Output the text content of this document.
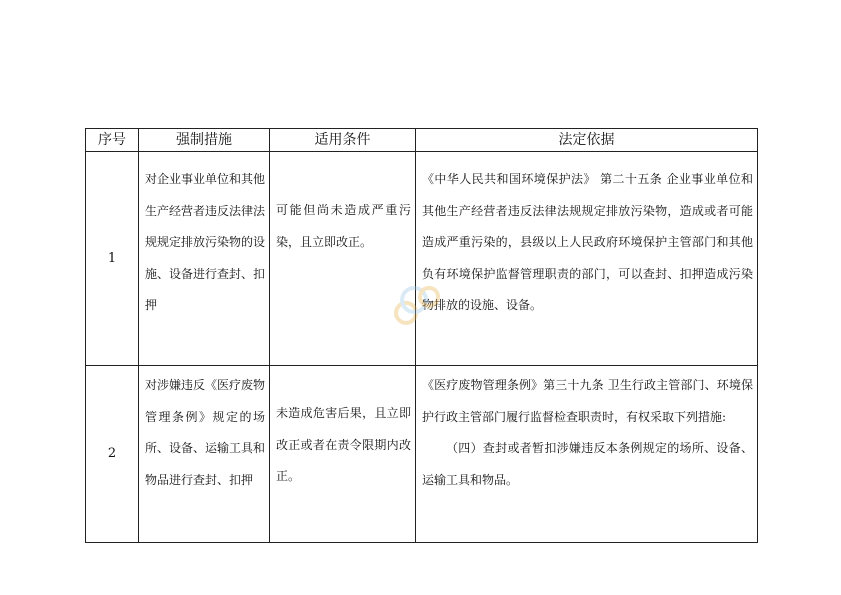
序号	强制措施	适用条件	法定依据
1	对企业事业单位和其他生产经营者违反法律法规规定排放污染物的设施、设备进行查封、扣押	可能但尚未造成严重污染，且立即改正。	《中华人民共和国环境保护法》 第二十五条 企业事业单位和其他生产经营者违反法律法规规定排放污染物，造成或者可能造成严重污染的，县级以上人民政府环境保护主管部门和其他负有环境保护监督管理职责的部门，可以查封、扣押造成污染物排放的设施、设备。

2	对涉嫌违反《医疗废物管理条例》规定的场所、设备、运输工具和物品进行查封、扣押	未造成危害后果，且立即改正或者在责令限期内改正。	《医疗废物管理条例》第三十九条 卫生行政主管部门、环境保护行政主管部门履行监督检查职责时，有权采取下列措施:
（四）查封或者暂扣涉嫌违反本条例规定的场所、设备、运输工具和物品。
